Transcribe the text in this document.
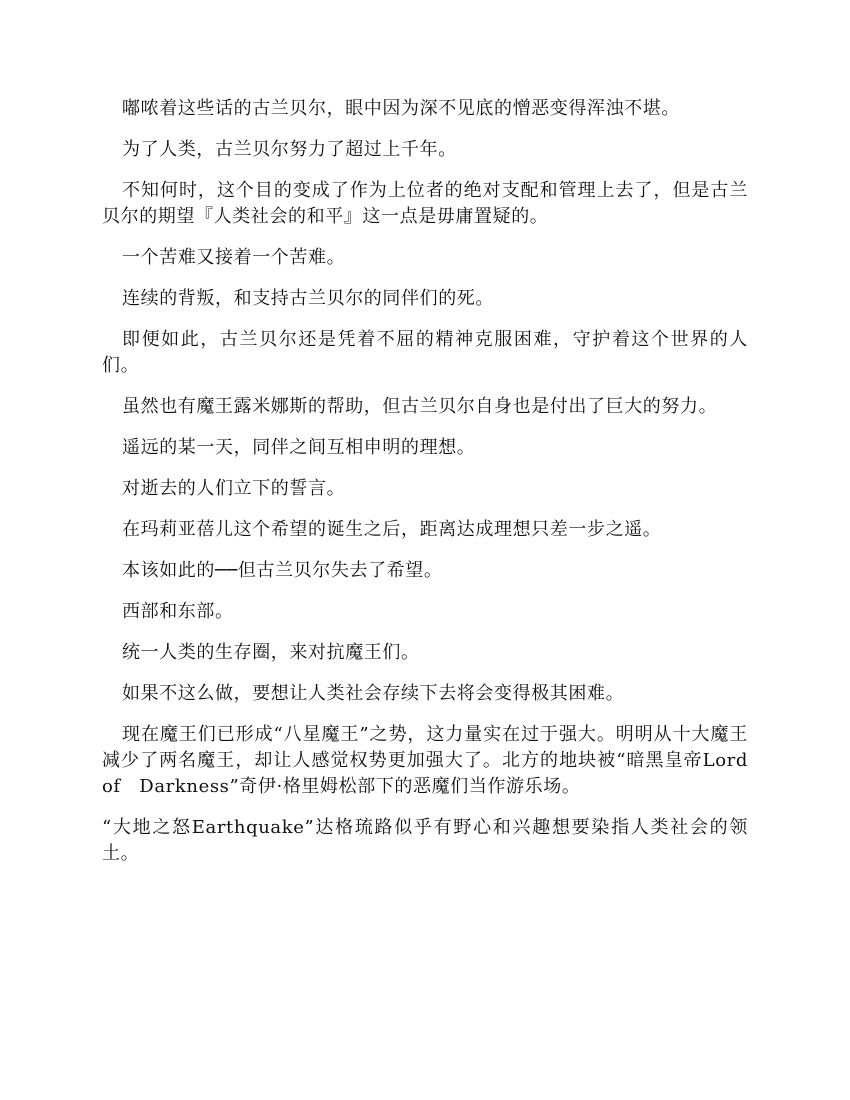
嘟哝着这些话的古兰贝尔，眼中因为深不见底的憎恶变得浑浊不堪。

为了人类，古兰贝尔努力了超过上千年。

不知何时，这个目的变成了作为上位者的绝对支配和管理上去了，但是古兰贝尔的期望『人类社会的和平』这一点是毋庸置疑的。

一个苦难又接着一个苦难。

连续的背叛，和支持古兰贝尔的同伴们的死。

即便如此，古兰贝尔还是凭着不屈的精神克服困难，守护着这个世界的人们。

虽然也有魔王露米娜斯的帮助，但古兰贝尔自身也是付出了巨大的努力。

遥远的某一天，同伴之间互相申明的理想。

对逝去的人们立下的誓言。

在玛莉亚蓓儿这个希望的诞生之后，距离达成理想只差一步之遥。

本该如此的──但古兰贝尔失去了希望。

西部和东部。

统一人类的生存圈，来对抗魔王们。

如果不这么做，要想让人类社会存续下去将会变得极其困难。

现在魔王们已形成“八星魔王”之势，这力量实在过于强大。明明从十大魔王减少了两名魔王，却让人感觉权势更加强大了。北方的地块被“暗黑皇帝Lord　of　Darkness”奇伊·格里姆松部下的恶魔们当作游乐场。

“大地之怒Earthquake”达格琉路似乎有野心和兴趣想要染指人类社会的领土。
